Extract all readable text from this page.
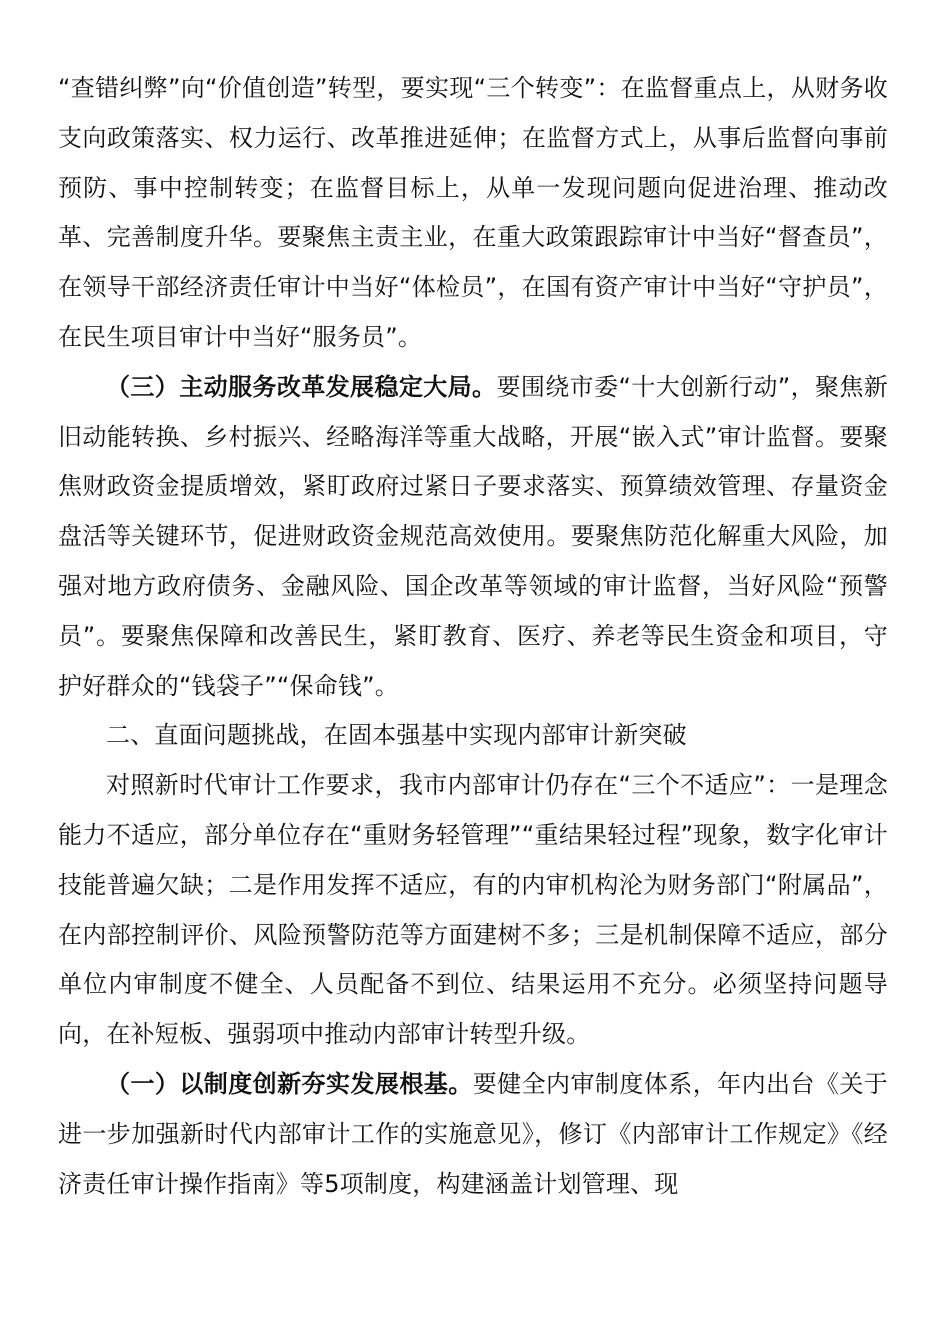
“查错纠弊”向“价值创造”转型，要实现“三个转变”：在监督重点上，从财务收支向政策落实、权力运行、改革推进延伸；在监督方式上，从事后监督向事前预防、事中控制转变；在监督目标上，从单一发现问题向促进治理、推动改革、完善制度升华。要聚焦主责主业，在重大政策跟踪审计中当好“督查员”，在领导干部经济责任审计中当好“体检员”，在国有资产审计中当好“守护员”，在民生项目审计中当好“服务员”。

（三）主动服务改革发展稳定大局。要围绕市委“十大创新行动”，聚焦新旧动能转换、乡村振兴、经略海洋等重大战略，开展“嵌入式”审计监督。要聚焦财政资金提质增效，紧盯政府过紧日子要求落实、预算绩效管理、存量资金盘活等关键环节，促进财政资金规范高效使用。要聚焦防范化解重大风险，加强对地方政府债务、金融风险、国企改革等领域的审计监督，当好风险“预警员”。要聚焦保障和改善民生，紧盯教育、医疗、养老等民生资金和项目，守护好群众的“钱袋子”“保命钱”。

二、直面问题挑战，在固本强基中实现内部审计新突破

对照新时代审计工作要求，我市内部审计仍存在“三个不适应”：一是理念能力不适应，部分单位存在“重财务轻管理”“重结果轻过程”现象，数字化审计技能普遍欠缺；二是作用发挥不适应，有的内审机构沦为财务部门“附属品”，在内部控制评价、风险预警防范等方面建树不多；三是机制保障不适应，部分单位内审制度不健全、人员配备不到位、结果运用不充分。必须坚持问题导向，在补短板、强弱项中推动内部审计转型升级。

（一）以制度创新夯实发展根基。要健全内审制度体系，年内出台《关于进一步加强新时代内部审计工作的实施意见》，修订《内部审计工作规定》《经济责任审计操作指南》等5项制度，构建涵盖计划管理、现
